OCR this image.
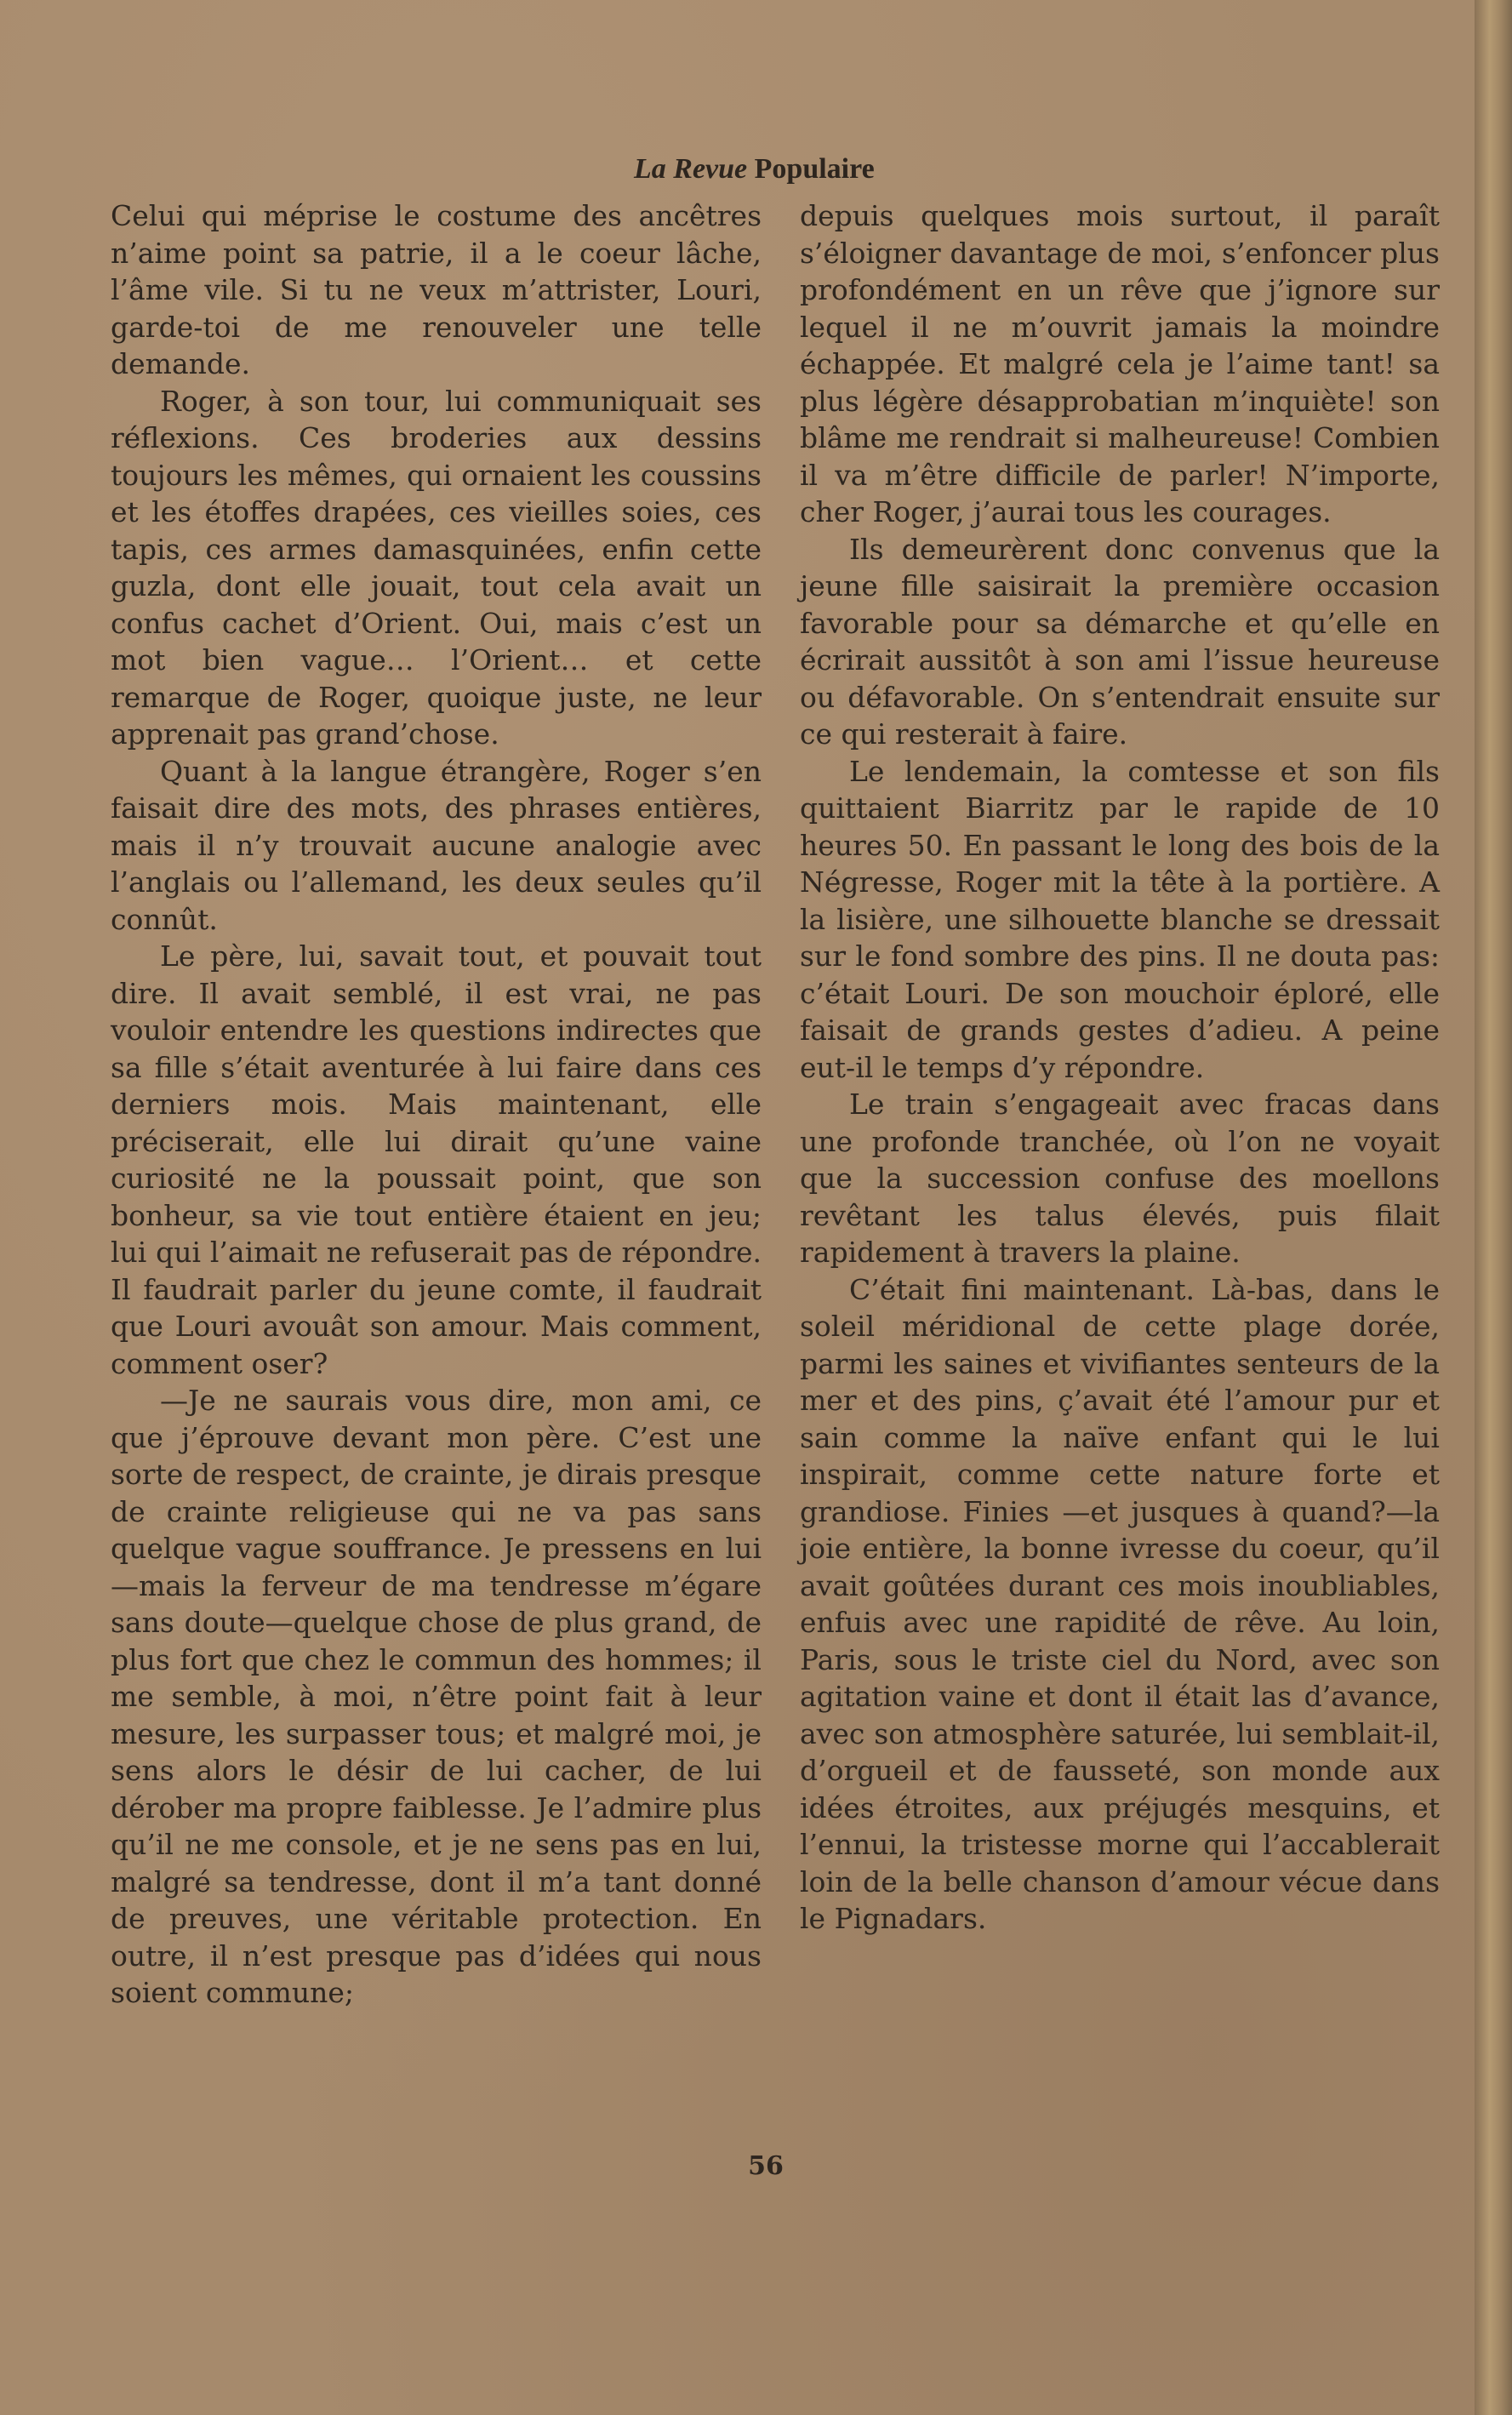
La Revue Populaire

Celui qui méprise le costume des ancêtres n’aime point sa patrie, il a le coeur lâche, l’âme vile. Si tu ne veux m’attrister, Louri, garde-toi de me renouveler une telle demande.

Roger, à son tour, lui communiquait ses réflexions. Ces broderies aux dessins toujours les mêmes, qui ornaient les coussins et les étoffes drapées, ces vieilles soies, ces tapis, ces armes damasquinées, enfin cette guzla, dont elle jouait, tout cela avait un confus cachet d’Orient. Oui, mais c’est un mot bien vague… l’Orient… et cette remarque de Roger, quoique juste, ne leur apprenait pas grand’chose.

Quant à la langue étrangère, Roger s’en faisait dire des mots, des phrases entières, mais il n’y trouvait aucune analogie avec l’anglais ou l’allemand, les deux seules qu’il connût.

Le père, lui, savait tout, et pouvait tout dire. Il avait semblé, il est vrai, ne pas vouloir entendre les questions indirectes que sa fille s’était aventurée à lui faire dans ces derniers mois. Mais maintenant, elle préciserait, elle lui dirait qu’une vaine curiosité ne la poussait point, que son bonheur, sa vie tout entière étaient en jeu; lui qui l’aimait ne refuserait pas de répondre. Il faudrait parler du jeune comte, il faudrait que Louri avouât son amour. Mais comment, comment oser?

—Je ne saurais vous dire, mon ami, ce que j’éprouve devant mon père. C’est une sorte de respect, de crainte, je dirais presque de crainte religieuse qui ne va pas sans quelque vague souffrance. Je pressens en lui—mais la ferveur de ma tendresse m’égare sans doute—quelque chose de plus grand, de plus fort que chez le commun des hommes; il me semble, à moi, n’être point fait à leur mesure, les surpasser tous; et malgré moi, je sens alors le désir de lui cacher, de lui dérober ma propre faiblesse. Je l’admire plus qu’il ne me console, et je ne sens pas en lui, malgré sa tendresse, dont il m’a tant donné de preuves, une véritable protection. En outre, il n’est presque pas d’idées qui nous soient commune;

depuis quelques mois surtout, il paraît s’éloigner davantage de moi, s’enfoncer plus profondément en un rêve que j’ignore sur lequel il ne m’ouvrit jamais la moindre échappée. Et malgré cela je l’aime tant! sa plus légère désapprobatian m’inquiète! son blâme me rendrait si malheureuse! Combien il va m’être difficile de parler! N’importe, cher Roger, j’aurai tous les courages.

Ils demeurèrent donc convenus que la jeune fille saisirait la première occasion favorable pour sa démarche et qu’elle en écrirait aussitôt à son ami l’issue heureuse ou défavorable. On s’entendrait ensuite sur ce qui resterait à faire.

Le lendemain, la comtesse et son fils quittaient Biarritz par le rapide de 10 heures 50. En passant le long des bois de la Négresse, Roger mit la tête à la portière. A la lisière, une silhouette blanche se dressait sur le fond sombre des pins. Il ne douta pas: c’était Louri. De son mouchoir éploré, elle faisait de grands gestes d’adieu. A peine eut-il le temps d’y répondre.

Le train s’engageait avec fracas dans une profonde tranchée, où l’on ne voyait que la succession confuse des moellons revêtant les talus élevés, puis filait rapidement à travers la plaine.

C’était fini maintenant. Là-bas, dans le soleil méridional de cette plage dorée, parmi les saines et vivifiantes senteurs de la mer et des pins, ç’avait été l’amour pur et sain comme la naïve enfant qui le lui inspirait, comme cette nature forte et grandiose. Finies —et jusques à quand?—la joie entière, la bonne ivresse du coeur, qu’il avait goûtées durant ces mois inoubliables, enfuis avec une rapidité de rêve. Au loin, Paris, sous le triste ciel du Nord, avec son agitation vaine et dont il était las d’avance, avec son atmosphère saturée, lui semblait-il, d’orgueil et de fausseté, son monde aux idées étroites, aux préjugés mesquins, et l’ennui, la tristesse morne qui l’accablerait loin de la belle chanson d’amour vécue dans le Pignadars.

56
